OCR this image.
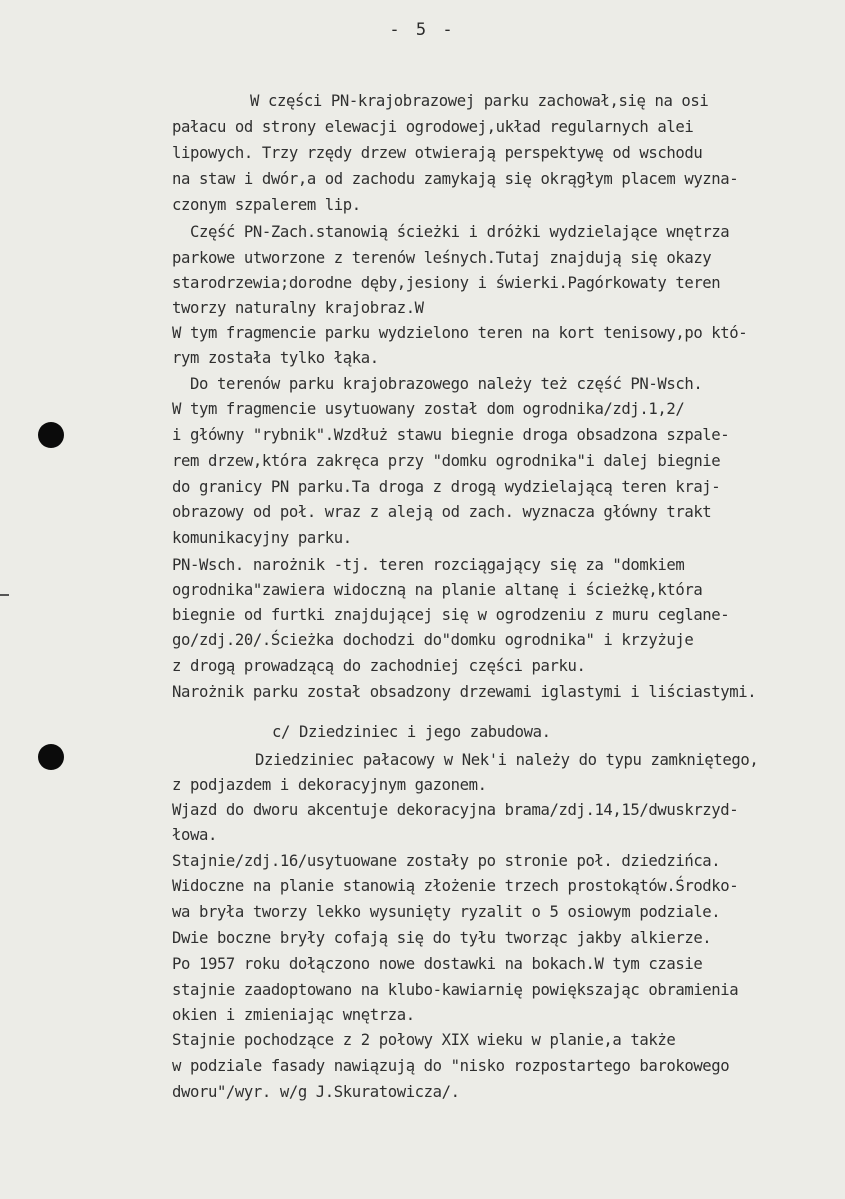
- 5 -
W części PN-krajobrazowej parku zachował,się na osi
pałacu od strony elewacji ogrodowej,układ regularnych alei
lipowych. Trzy rzędy drzew otwierają perspektywę od wschodu
na staw i dwór,a od zachodu zamykają się okrągłym placem wyzna-
czonym szpalerem lip.
Część PN-Zach.stanowią ścieżki i dróżki wydzielające wnętrza
parkowe utworzone z terenów leśnych.Tutaj znajdują się okazy
starodrzewia;dorodne dęby,jesiony i świerki.Pagórkowaty teren
tworzy naturalny krajobraz.W
W tym fragmencie parku wydzielono teren na kort tenisowy,po któ-
rym została tylko łąka.
Do terenów parku krajobrazowego należy też część PN-Wsch.
W tym fragmencie usytuowany został dom ogrodnika/zdj.1,2/
i główny "rybnik".Wzdłuż stawu biegnie droga obsadzona szpale-
rem drzew,która zakręca przy "domku ogrodnika"i dalej biegnie
do granicy PN parku.Ta droga z drogą wydzielającą teren kraj-
obrazowy od poł. wraz z aleją od zach. wyznacza główny trakt
komunikacyjny parku.
PN-Wsch. narożnik -tj. teren rozciągający się za "domkiem
ogrodnika"zawiera widoczną na planie altanę i ścieżkę,która
biegnie od furtki znajdującej się w ogrodzeniu z muru ceglane-
go/zdj.20/.Ścieżka dochodzi do"domku ogrodnika" i krzyżuje
z drogą prowadzącą do zachodniej części parku.
Narożnik parku został obsadzony drzewami iglastymi i liściastymi.
c/ Dziedziniec i jego zabudowa.
Dziedziniec pałacowy w Nek'i należy do typu zamkniętego,
z podjazdem i dekoracyjnym gazonem.
Wjazd do dworu akcentuje dekoracyjna brama/zdj.14,15/dwuskrzyd-
łowa.
Stajnie/zdj.16/usytuowane zostały po stronie poł. dziedzińca.
Widoczne na planie stanowią złożenie trzech prostokątów.Środko-
wa bryła tworzy lekko wysunięty ryzalit o 5 osiowym podziale.
Dwie boczne bryły cofają się do tyłu tworząc jakby alkierze.
Po 1957 roku dołączono nowe dostawki na bokach.W tym czasie
stajnie zaadoptowano na klubo-kawiarnię powiększając obramienia
okien i zmieniając wnętrza.
Stajnie pochodzące z 2 połowy XIX wieku w planie,a także
w podziale fasady nawiązują do "nisko rozpostartego barokowego
dworu"/wyr. w/g J.Skuratowicza/.
